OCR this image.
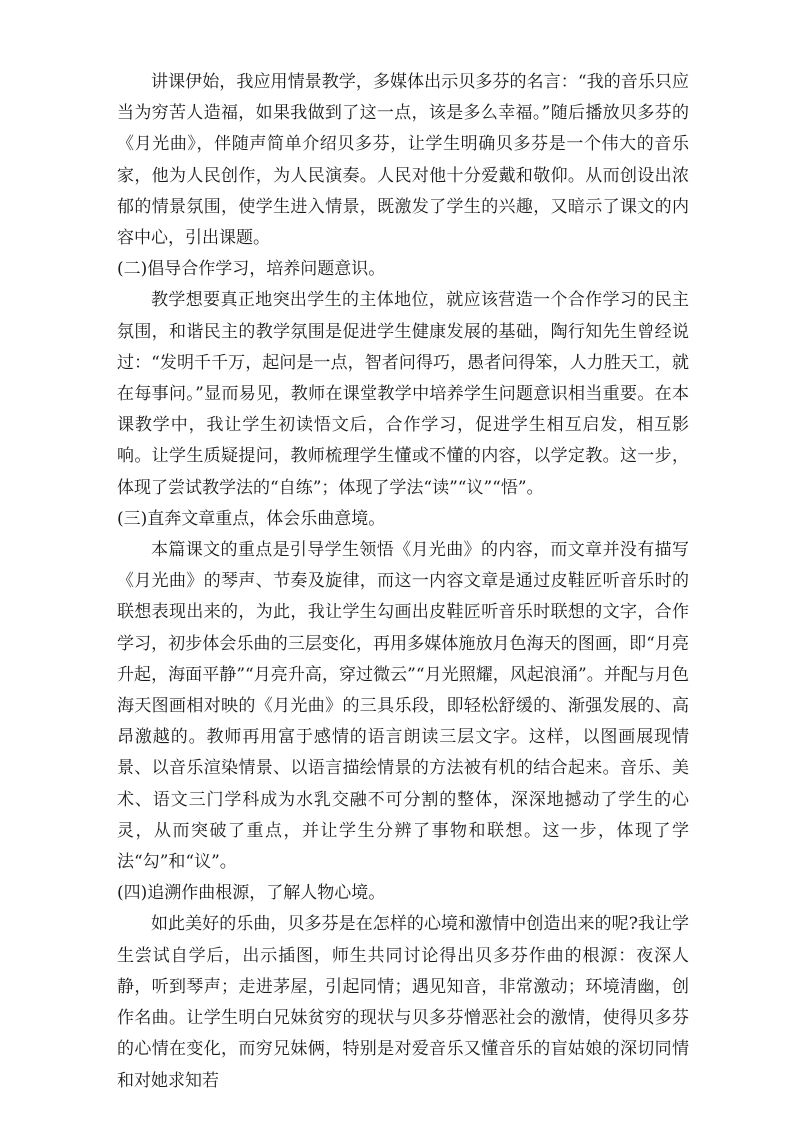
讲课伊始，我应用情景教学，多媒体出示贝多芬的名言：“我的音乐只应当为穷苦人造福，如果我做到了这一点，该是多么幸福。”随后播放贝多芬的《月光曲》，伴随声简单介绍贝多芬，让学生明确贝多芬是一个伟大的音乐家，他为人民创作，为人民演奏。人民对他十分爱戴和敬仰。从而创设出浓郁的情景氛围，使学生进入情景，既激发了学生的兴趣，又暗示了课文的内容中心，引出课题。

(二)倡导合作学习，培养问题意识。

教学想要真正地突出学生的主体地位，就应该营造一个合作学习的民主氛围，和谐民主的教学氛围是促进学生健康发展的基础，陶行知先生曾经说过：“发明千千万，起问是一点，智者问得巧，愚者问得笨，人力胜天工，就在每事问。”显而易见，教师在课堂教学中培养学生问题意识相当重要。在本课教学中，我让学生初读悟文后，合作学习，促进学生相互启发，相互影响。让学生质疑提问，教师梳理学生懂或不懂的内容，以学定教。这一步，体现了尝试教学法的“自练”；体现了学法“读”“议”“悟”。

(三)直奔文章重点，体会乐曲意境。

本篇课文的重点是引导学生领悟《月光曲》的内容，而文章并没有描写《月光曲》的琴声、节奏及旋律，而这一内容文章是通过皮鞋匠听音乐时的联想表现出来的，为此，我让学生勾画出皮鞋匠听音乐时联想的文字，合作学习，初步体会乐曲的三层变化，再用多媒体施放月色海天的图画，即“月亮升起，海面平静”“月亮升高，穿过微云”“月光照耀，风起浪涌”。并配与月色海天图画相对映的《月光曲》的三具乐段，即轻松舒缓的、渐强发展的、高昂激越的。教师再用富于感情的语言朗读三层文字。这样，以图画展现情景、以音乐渲染情景、以语言描绘情景的方法被有机的结合起来。音乐、美术、语文三门学科成为水乳交融不可分割的整体，深深地撼动了学生的心灵，从而突破了重点，并让学生分辨了事物和联想。这一步，体现了学法“勾”和“议”。

(四)追溯作曲根源，了解人物心境。

如此美好的乐曲，贝多芬是在怎样的心境和激情中创造出来的呢?我让学生尝试自学后，出示插图，师生共同讨论得出贝多芬作曲的根源：夜深人静，听到琴声；走进茅屋，引起同情；遇见知音，非常激动；环境清幽，创作名曲。让学生明白兄妹贫穷的现状与贝多芬憎恶社会的激情，使得贝多芬的心情在变化，而穷兄妹俩，特别是对爱音乐又懂音乐的盲姑娘的深切同情和对她求知若
